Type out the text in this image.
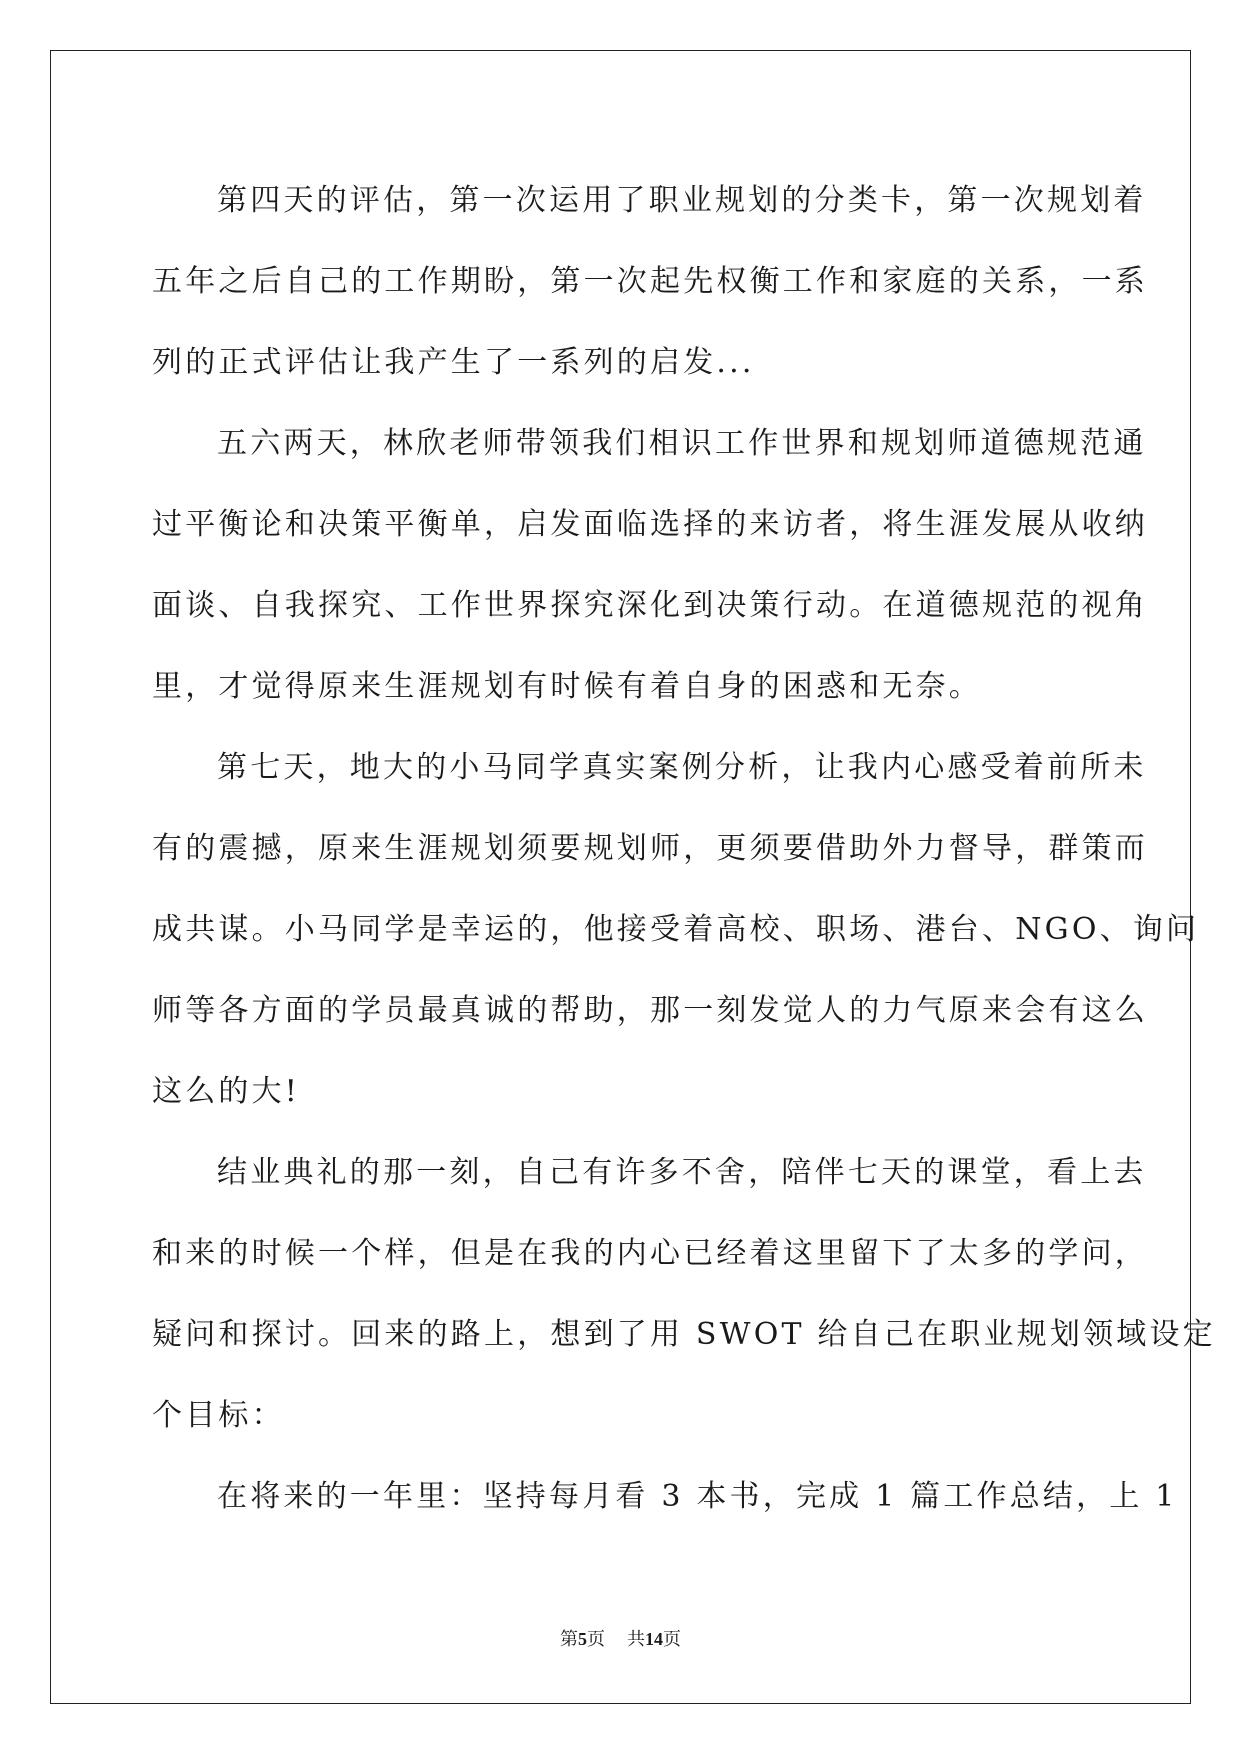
第四天的评估，第一次运用了职业规划的分类卡，第一次规划着
五年之后自己的工作期盼，第一次起先权衡工作和家庭的关系，一系
列的正式评估让我产生了一系列的启发...
五六两天，林欣老师带领我们相识工作世界和规划师道德规范通
过平衡论和决策平衡单，启发面临选择的来访者，将生涯发展从收纳
面谈、自我探究、工作世界探究深化到决策行动。在道德规范的视角
里，才觉得原来生涯规划有时候有着自身的困惑和无奈。
第七天，地大的小马同学真实案例分析，让我内心感受着前所未
有的震撼，原来生涯规划须要规划师，更须要借助外力督导，群策而
成共谋。小马同学是幸运的，他接受着高校、职场、港台、NGO、询问
师等各方面的学员最真诚的帮助，那一刻发觉人的力气原来会有这么
这么的大!
结业典礼的那一刻，自己有许多不舍，陪伴七天的课堂，看上去
和来的时候一个样，但是在我的内心已经着这里留下了太多的学问，
疑问和探讨。回来的路上，想到了用 SWOT 给自己在职业规划领域设定
个目标：
在将来的一年里：坚持每月看 3 本书，完成 1 篇工作总结，上 1
第5页 共14页
